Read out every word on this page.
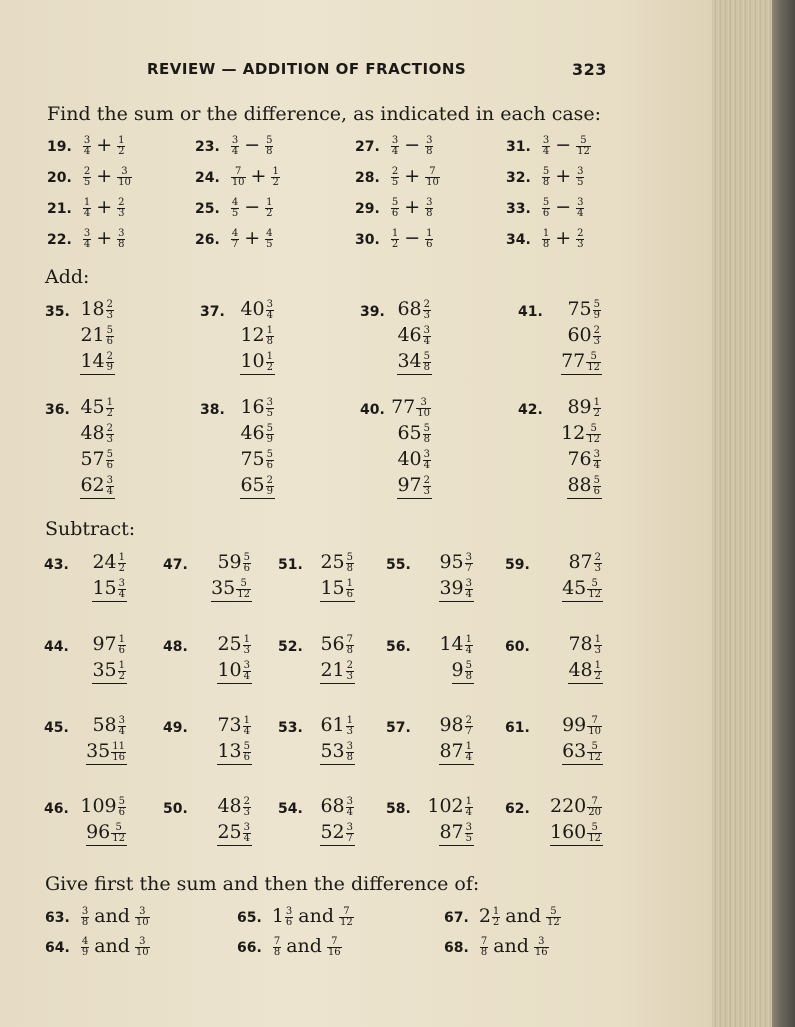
REVIEW — ADDITION OF FRACTIONS	323
Find the sum or the difference, as indicated in each case:
Add:
Subtract:
Give first the sum and then the difference of:
19. $\frac{3}{4} + \frac{1}{2}$
20. $\frac{2}{5} + \frac{3}{10}$
21. $\frac{1}{4} + \frac{2}{3}$
22. $\frac{3}{4} + \frac{3}{8}$
23. $\frac{3}{4} - \frac{5}{8}$
24. $\frac{7}{10} + \frac{1}{2}$
25. $\frac{4}{5} - \frac{1}{2}$
26. $\frac{4}{7} + \frac{4}{5}$
27. $\frac{3}{4} - \frac{3}{8}$
28. $\frac{2}{5} + \frac{7}{10}$
29. $\frac{5}{6} + \frac{3}{8}$
30. $\frac{1}{2} - \frac{1}{6}$
31. $\frac{3}{4} - \frac{5}{12}$
32. $\frac{5}{8} + \frac{3}{5}$
33. $\frac{5}{6} - \frac{3}{4}$
34. $\frac{1}{8} + \frac{2}{3}$
35. $18 \frac{2}{3}$
$21 \frac{5}{6}$
$14 \frac{2}{9}$
37. $40 \frac{3}{4}$
$12 \frac{1}{8}$
$10 \frac{1}{2}$
39. $68 \frac{2}{3}$
$46 \frac{3}{4}$
$34 \frac{5}{8}$
41. $75 \frac{5}{9}$
$60 \frac{2}{3}$
$77 \frac{5}{12}$
36. $45 \frac{1}{2}$
$48 \frac{2}{3}$
$57 \frac{5}{6}$
$62 \frac{3}{4}$
38. $16 \frac{3}{5}$
$46 \frac{5}{9}$
$75 \frac{5}{6}$
$65 \frac{2}{9}$
40. $77 \frac{3}{10}$
$65 \frac{5}{8}$
$40 \frac{3}{4}$
$97 \frac{2}{3}$
42. $89 \frac{1}{2}$
$12 \frac{5}{12}$
$76 \frac{3}{4}$
$88 \frac{5}{6}$
43. $24 \frac{1}{2}$
$15 \frac{3}{4}$
47. $59 \frac{5}{6}$
$35 \frac{5}{12}$
51. $25 \frac{5}{8}$
$15 \frac{1}{6}$
55. $95 \frac{3}{7}$
$39 \frac{3}{4}$
59. $87 \frac{2}{3}$
$45 \frac{5}{12}$
44. $97 \frac{1}{6}$
$35 \frac{1}{2}$
48. $25 \frac{1}{3}$
$10 \frac{3}{4}$
52. $56 \frac{7}{8}$
$21 \frac{2}{3}$
56. $14 \frac{1}{4}$
$9 \frac{5}{8}$
60. $78 \frac{1}{3}$
$48 \frac{1}{2}$
45. $58 \frac{3}{4}$
$35 \frac{11}{16}$
49. $73 \frac{1}{4}$
$13 \frac{5}{6}$
53. $61 \frac{1}{3}$
$53 \frac{3}{8}$
57. $98 \frac{2}{7}$
$87 \frac{1}{4}$
61. $99 \frac{7}{10}$
$63 \frac{5}{12}$
46. $109 \frac{5}{6}$
$96 \frac{5}{12}$
50. $48 \frac{2}{3}$
$25 \frac{3}{4}$
54. $68 \frac{3}{4}$
$52 \frac{3}{7}$
58. $102 \frac{1}{4}$
$87 \frac{3}{5}$
62. $220 \frac{7}{20}$
$160 \frac{5}{12}$
63. $\frac{3}{8}$ and $\frac{3}{10}$	65. $1 \frac{3}{6}$ and $\frac{7}{12}$	67. $2 \frac{1}{2}$ and $\frac{5}{12}$
64. $\frac{4}{9}$ and $\frac{3}{10}$	66. $\frac{7}{8}$ and $\frac{7}{16}$	68. $\frac{7}{8}$ and $\frac{3}{16}$
